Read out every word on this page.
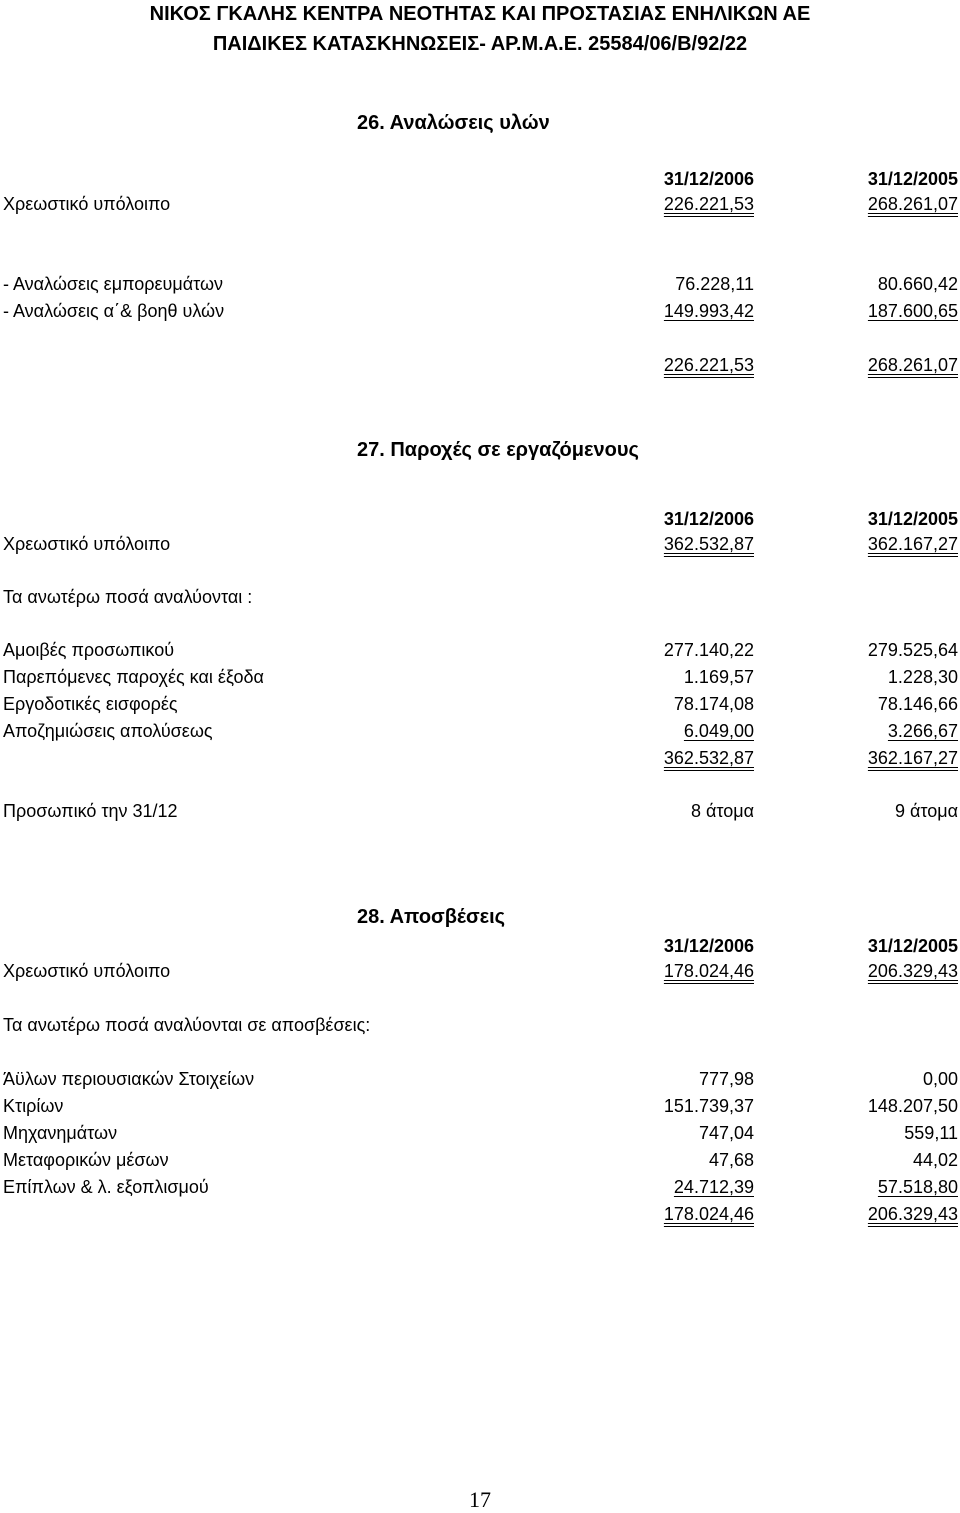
ΝΙΚΟΣ ΓΚΑΛΗΣ ΚΕΝΤΡΑ ΝΕΟΤΗΤΑΣ ΚΑΙ ΠΡΟΣΤΑΣΙΑΣ ΕΝΗΛΙΚΩΝ ΑΕ
ΠΑΙΔΙΚΕΣ ΚΑΤΑΣΚΗΝΩΣΕΙΣ- ΑΡ.Μ.Α.Ε. 25584/06/Β/92/22
26. Αναλώσεις υλών
31/12/2006	31/12/2005
Χρεωστικό υπόλοιπο	226.221,53	268.261,07
- Αναλώσεις εμπορευμάτων	76.228,11	80.660,42
- Αναλώσεις α΄& βοηθ υλών	149.993,42	187.600,65
226.221,53	268.261,07
27. Παροχές σε εργαζόμενους
31/12/2006	31/12/2005
Χρεωστικό υπόλοιπο	362.532,87	362.167,27
Τα ανωτέρω ποσά αναλύονται :
Αμοιβές προσωπικού	277.140,22	279.525,64
Παρεπόμενες παροχές και έξοδα	1.169,57	1.228,30
Εργοδοτικές εισφορές	78.174,08	78.146,66
Αποζημιώσεις απολύσεως	6.049,00	3.266,67
362.532,87	362.167,27
Προσωπικό την 31/12	8 άτομα	9 άτομα
28. Αποσβέσεις
31/12/2006	31/12/2005
Χρεωστικό υπόλοιπο	178.024,46	206.329,43
Τα ανωτέρω ποσά αναλύονται σε αποσβέσεις:
Άϋλων περιουσιακών Στοιχείων	777,98	0,00
Κτιρίων	151.739,37	148.207,50
Μηχανημάτων	747,04	559,11
Μεταφορικών μέσων	47,68	44,02
Επίπλων & λ. εξοπλισμού	24.712,39	57.518,80
178.024,46	206.329,43
17
